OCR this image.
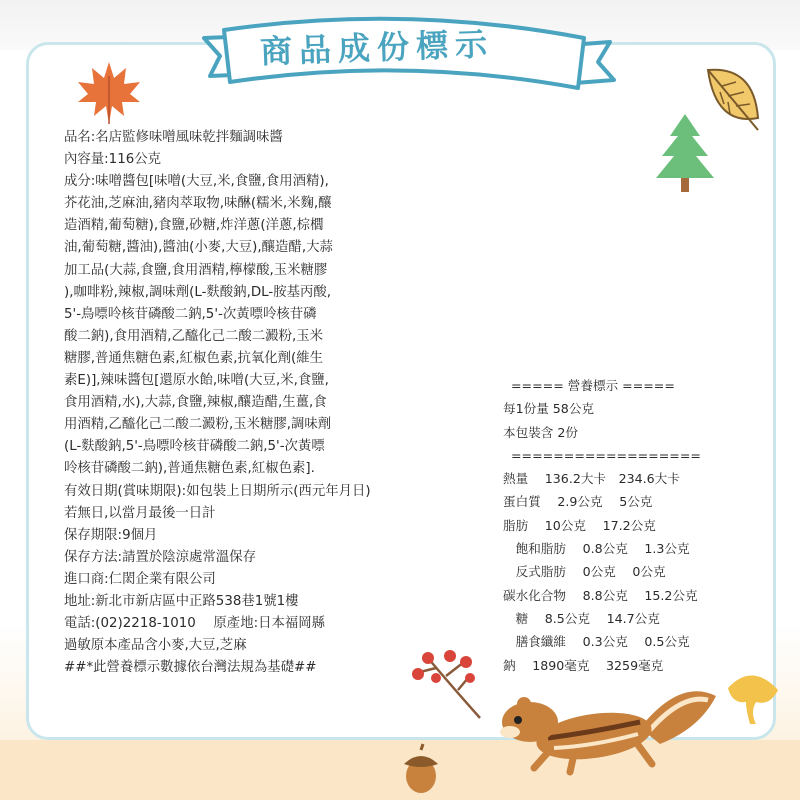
商品成份標示
品名:名店監修味噌風味乾拌麵調味醬
內容量:116公克
成分:味噌醬包[味噌(大豆,米,食鹽,食用酒精),
芥花油,芝麻油,豬肉萃取物,味醂(糯米,米麴,釀
造酒精,葡萄糖),食鹽,砂糖,炸洋蔥(洋蔥,棕櫚
油,葡萄糖,醬油),醬油(小麥,大豆),釀造醋,大蒜
加工品(大蒜,食鹽,食用酒精,檸檬酸,玉米糖膠
),咖啡粉,辣椒,調味劑(L-麩酸鈉,DL-胺基丙酸,
5'-鳥嘌呤核苷磷酸二鈉,5'-次黃嘌呤核苷磷
酸二鈉),食用酒精,乙醯化己二酸二澱粉,玉米
糖膠,普通焦糖色素,紅椒色素,抗氧化劑(維生
素E)],辣味醬包[還原水飴,味噌(大豆,米,食鹽,
食用酒精,水),大蒜,食鹽,辣椒,釀造醋,生薑,食
用酒精,乙醯化己二酸二澱粉,玉米糖膠,調味劑
(L-麩酸鈉,5'-鳥嘌呤核苷磷酸二鈉,5'-次黃嘌
呤核苷磷酸二鈉),普通焦糖色素,紅椒色素].
有效日期(賞味期限):如包裝上日期所示(西元年月日)
若無日,以當月最後一日計
保存期限:9個月
保存方法:請置於陰涼處常溫保存
進口商:仁閎企業有限公司
地址:新北市新店區中正路538巷1號1樓
電話:(02)2218-1010　 原產地:日本福岡縣
過敏原本產品含小麥,大豆,芝麻
##*此營養標示數據依台灣法規為基礎##
===== 營養標示 =====
每1份量 58公克
本包裝含 2份
==================
熱量　 136.2大卡　234.6大卡
蛋白質　 2.9公克　 5公克
脂肪　 10公克　 17.2公克
　飽和脂肪　 0.8公克　 1.3公克
　反式脂肪　 0公克　 0公克
碳水化合物　 8.8公克　 15.2公克
　糖　 8.5公克　 14.7公克
　膳食纖維　 0.3公克　 0.5公克
鈉　 1890毫克　 3259毫克
